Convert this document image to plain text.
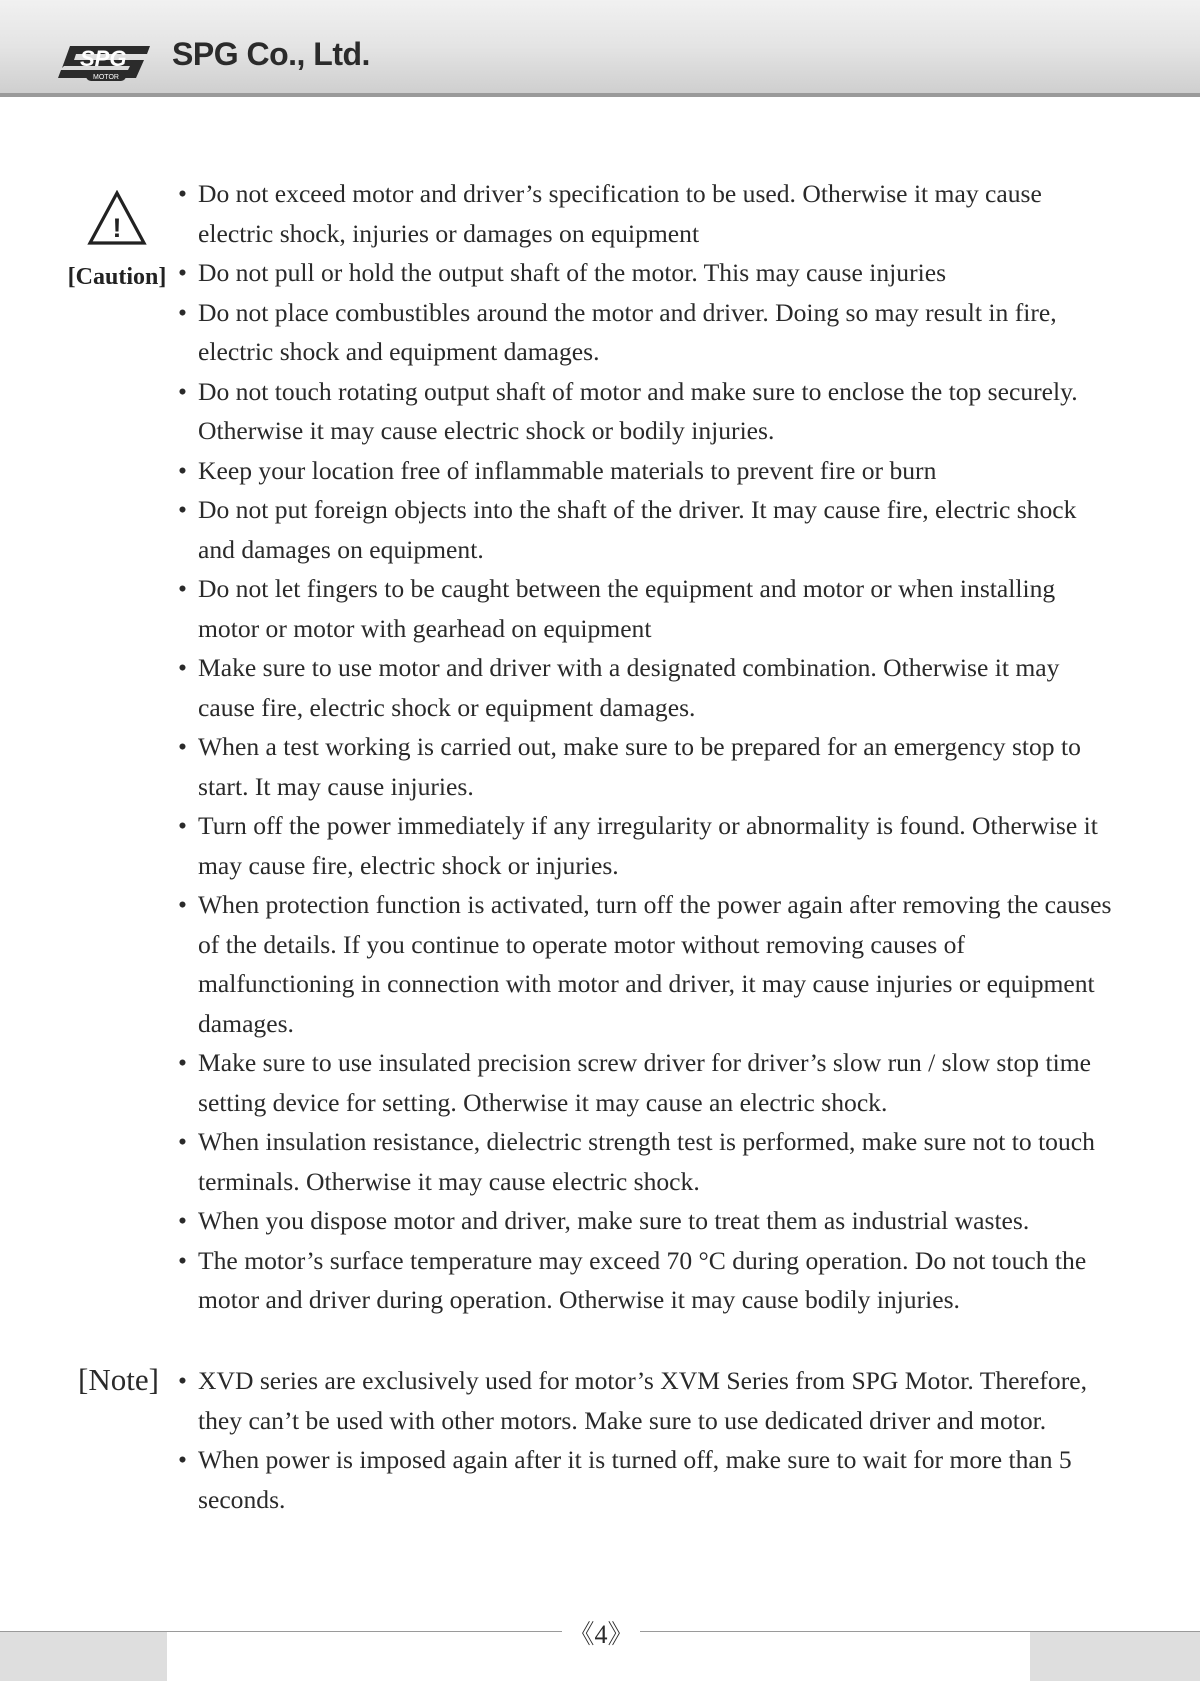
SPG
MOTOR
SPG Co., Ltd.
!
[Caution]
• Do not exceed motor and driver’s specification to be used. Otherwise it may cause electric shock, injuries or damages on equipment
• Do not pull or hold the output shaft of the motor. This may cause injuries
• Do not place combustibles around the motor and driver. Doing so may result in fire, electric shock and equipment damages.
• Do not touch rotating output shaft of motor and make sure to enclose the top securely. Otherwise it may cause electric shock or bodily injuries.
• Keep your location free of inflammable materials to prevent fire or burn
• Do not put foreign objects into the shaft of the driver. It may cause fire, electric shock and damages on equipment.
• Do not let fingers to be caught between the equipment and motor or when installing motor or motor with gearhead on equipment
• Make sure to use motor and driver with a designated combination. Otherwise it may cause fire, electric shock or equipment damages.
• When a test working is carried out, make sure to be prepared for an emergency stop to start. It may cause injuries.
• Turn off the power immediately if any irregularity or abnormality is found. Otherwise it may cause fire, electric shock or injuries.
• When protection function is activated, turn off the power again after removing the causes of the details. If you continue to operate motor without removing causes of malfunctioning in connection with motor and driver, it may cause injuries or equipment damages.
• Make sure to use insulated precision screw driver for driver’s slow run / slow stop time setting device for setting. Otherwise it may cause an electric shock.
• When insulation resistance, dielectric strength test is performed, make sure not to touch terminals. Otherwise it may cause electric shock.
• When you dispose motor and driver, make sure to treat them as industrial wastes.
• The motor’s surface temperature may exceed 70 °C during operation. Do not touch the motor and driver during operation. Otherwise it may cause bodily injuries.
[Note]
•	XVD series are exclusively used for motor’s XVM Series from SPG Motor. Therefore, they can’t be used with other motors. Make sure to use dedicated driver and motor.
• When power is imposed again after it is turned off, make sure to wait for more than 5 seconds.
《4》
